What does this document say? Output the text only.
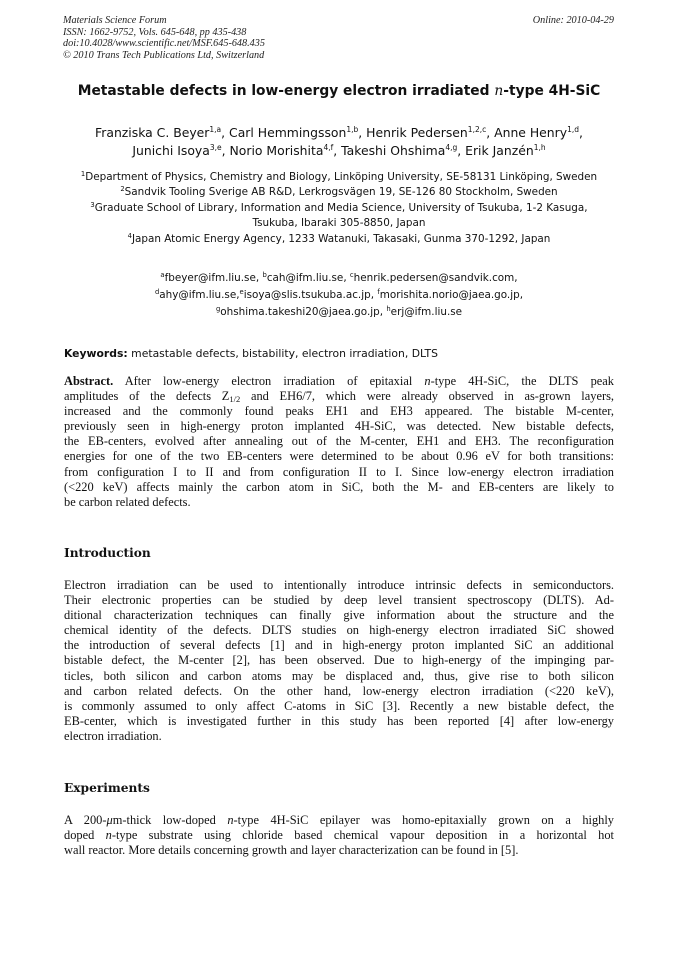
Materials Science Forum
ISSN: 1662-9752, Vols. 645-648, pp 435-438
doi:10.4028/www.scientific.net/MSF.645-648.435
© 2010 Trans Tech Publications Ltd, Switzerland
Online: 2010-04-29
Metastable defects in low-energy electron irradiated n-type 4H-SiC
Franziska C. Beyer$^{1,a}$, Carl Hemmingsson$^{1,b}$, Henrik Pedersen$^{1,2,c}$, Anne Henry$^{1,d}$,
Junichi Isoya$^{3,e}$, Norio Morishita$^{4,f}$, Takeshi Ohshima$^{4,g}$, Erik Janzén$^{1,h}$
$^1$Department of Physics, Chemistry and Biology, Linköping University, SE-58131 Linköping, Sweden
$^2$Sandvik Tooling Sverige AB R&D, Lerkrogsvägen 19, SE-126 80 Stockholm, Sweden
$^3$Graduate School of Library, Information and Media Science, University of Tsukuba, 1-2 Kasuga,
Tsukuba, Ibaraki 305-8850, Japan
$^4$Japan Atomic Energy Agency, 1233 Watanuki, Takasaki, Gunma 370-1292, Japan
$^a$fbeyer@ifm.liu.se, $^b$cah@ifm.liu.se, $^c$henrik.pedersen@sandvik.com,
$^d$ahy@ifm.liu.se,$^e$isoya@slis.tsukuba.ac.jp, $^f$morishita.norio@jaea.go.jp,
$^g$ohshima.takeshi20@jaea.go.jp, $^h$erj@ifm.liu.se
Keywords: metastable defects, bistability, electron irradiation, DLTS
Abstract. After low-energy electron irradiation of epitaxial n-type 4H-SiC, the DLTS peak
amplitudes of the defects $Z_{1/2}$ and EH6/7, which were already observed in as-grown layers,
increased and the commonly found peaks EH1 and EH3 appeared. The bistable M-center,
previously seen in high-energy proton implanted 4H-SiC, was detected. New bistable defects,
the EB-centers, evolved after annealing out of the M-center, EH1 and EH3. The reconfiguration
energies for one of the two EB-centers were determined to be about 0.96 eV for both transitions:
from configuration I to II and from configuration II to I. Since low-energy electron irradiation
(<220 keV) affects mainly the carbon atom in SiC, both the M- and EB-centers are likely to
be carbon related defects.
Introduction
Electron irradiation can be used to intentionally introduce intrinsic defects in semiconductors.
Their electronic properties can be studied by deep level transient spectroscopy (DLTS). Ad-
ditional characterization techniques can finally give information about the structure and the
chemical identity of the defects. DLTS studies on high-energy electron irradiated SiC showed
the introduction of several defects [1] and in high-energy proton implanted SiC an additional
bistable defect, the M-center [2], has been observed. Due to high-energy of the impinging par-
ticles, both silicon and carbon atoms may be displaced and, thus, give rise to both silicon
and carbon related defects. On the other hand, low-energy electron irradiation (<220 keV),
is commonly assumed to only affect C-atoms in SiC [3]. Recently a new bistable defect, the
EB-center, which is investigated further in this study has been reported [4] after low-energy
electron irradiation.
Experiments
A 200-μm-thick low-doped n-type 4H-SiC epilayer was homo-epitaxially grown on a highly
doped n-type substrate using chloride based chemical vapour deposition in a horizontal hot
wall reactor. More details concerning growth and layer characterization can be found in [5].
